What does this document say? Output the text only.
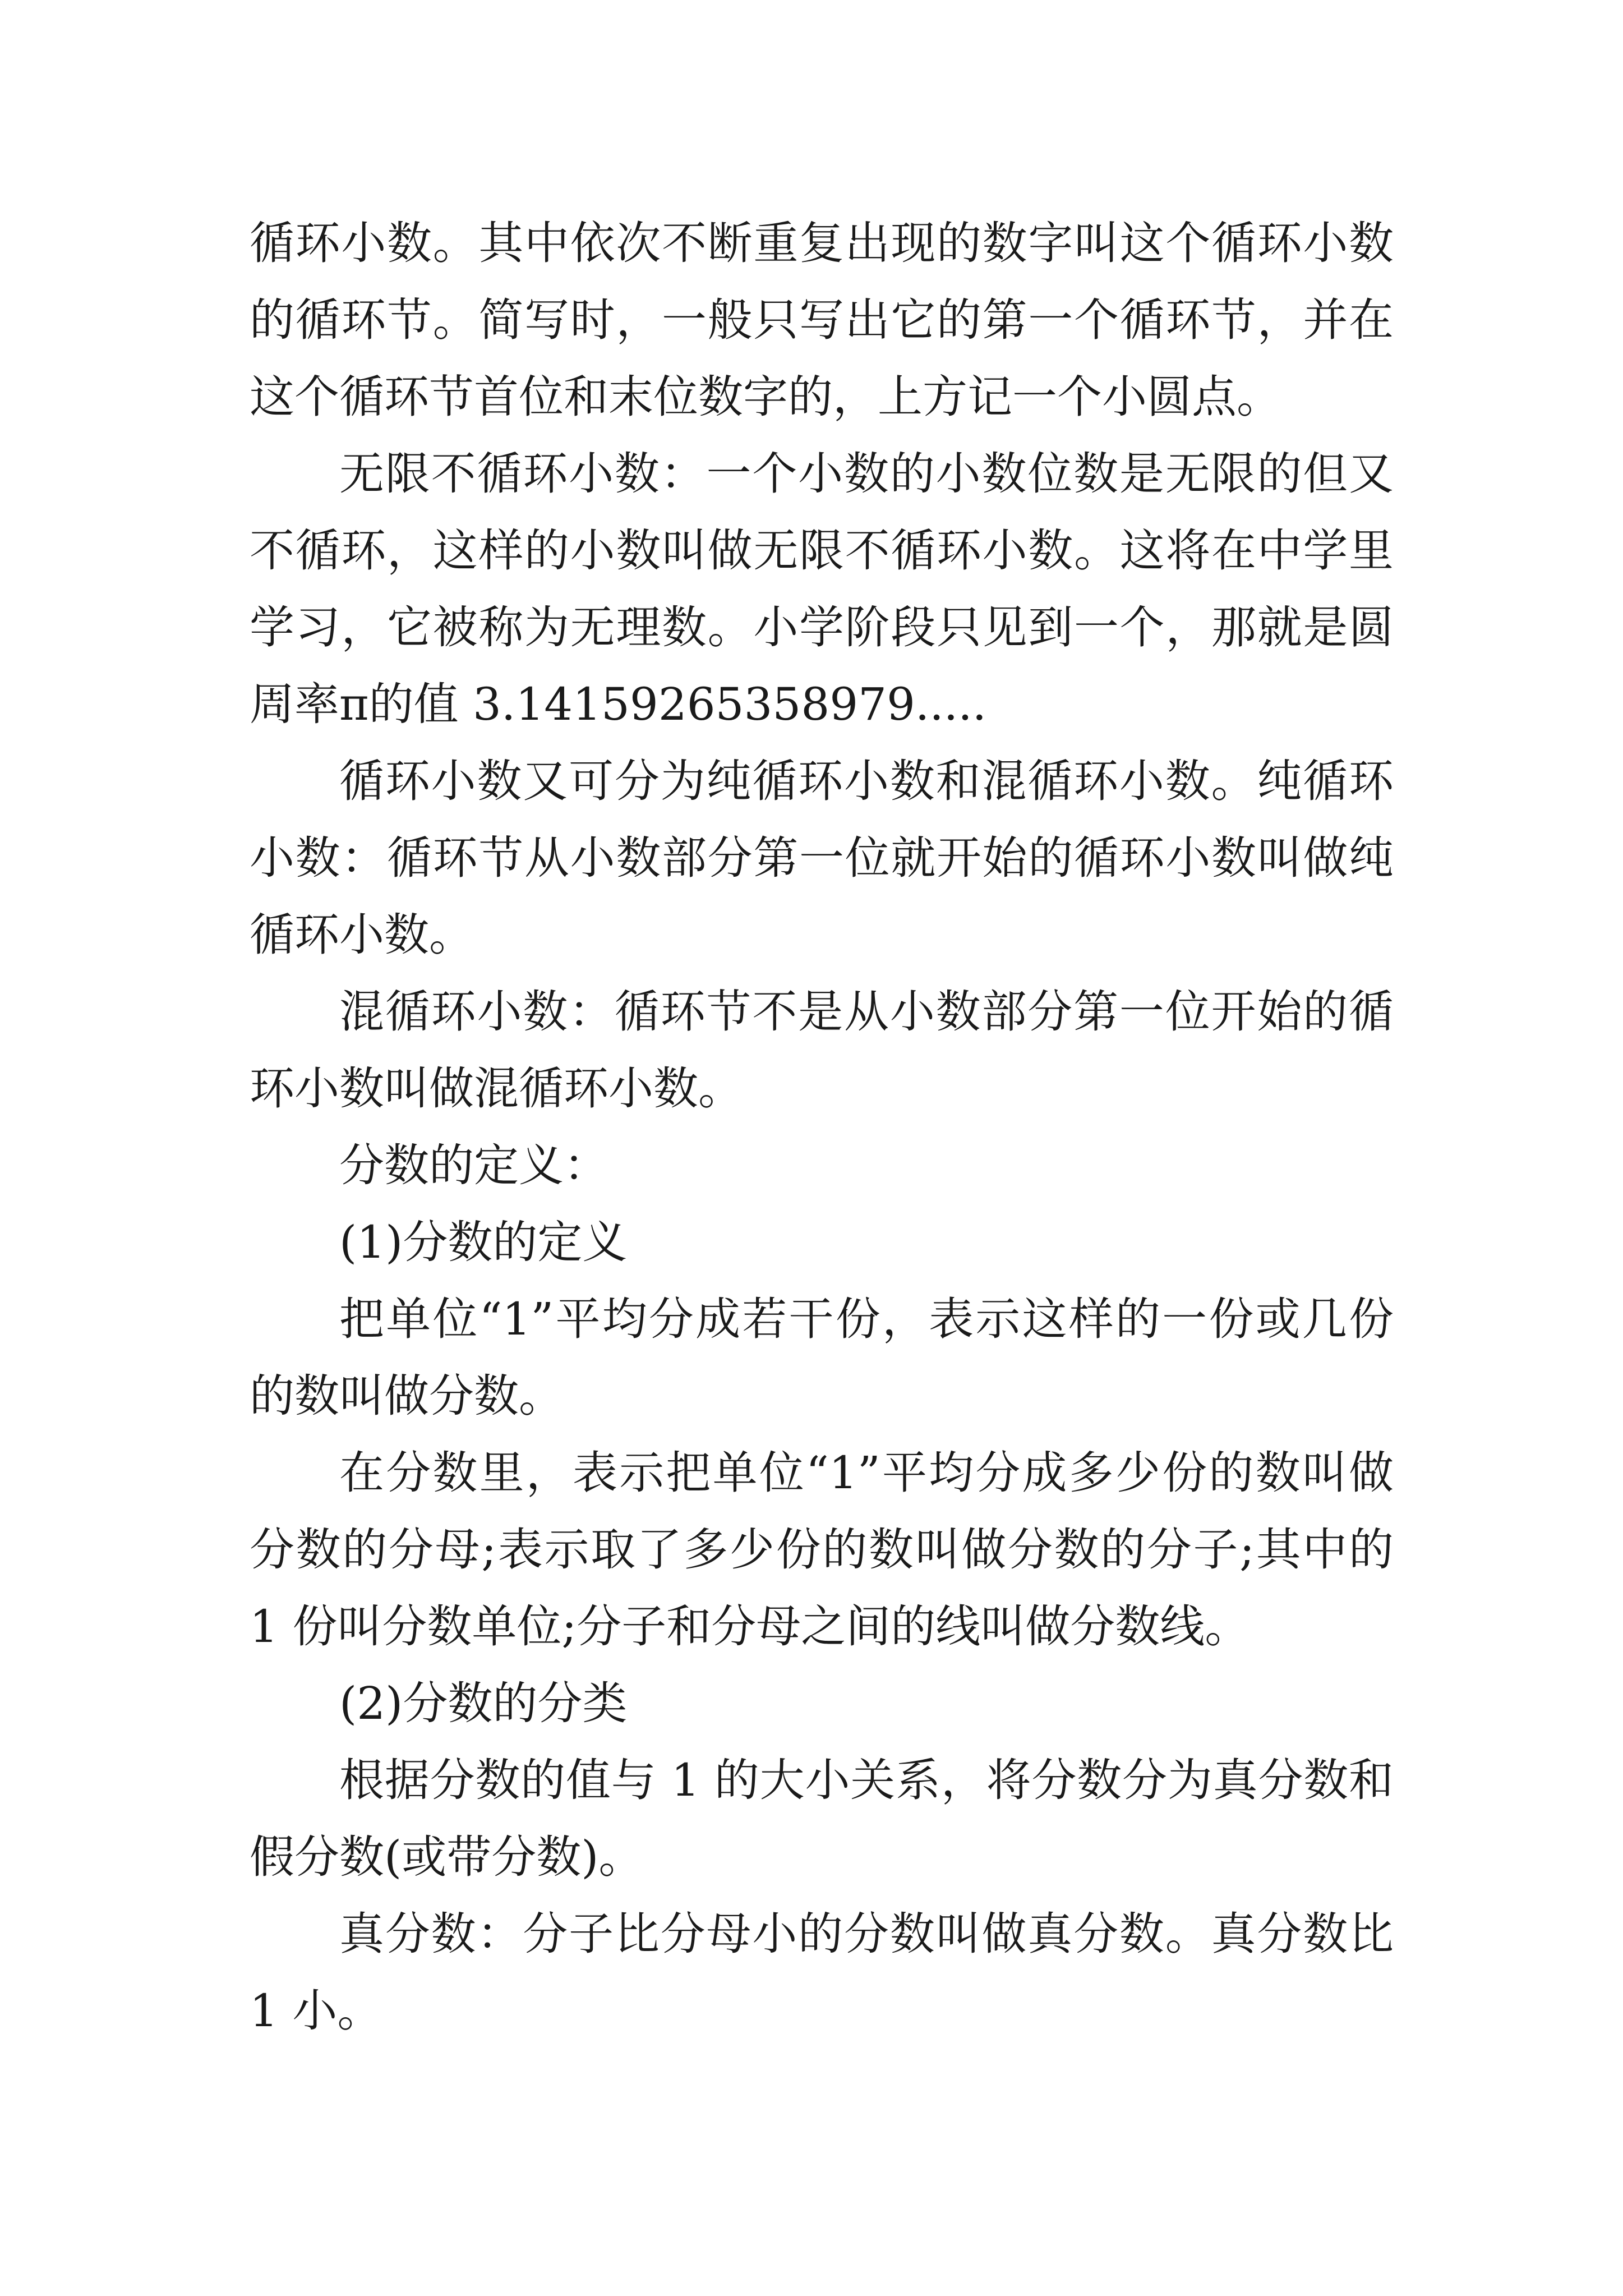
循环小数。其中依次不断重复出现的数字叫这个循环小数的循环节。简写时，一般只写出它的第一个循环节，并在这个循环节首位和末位数字的，上方记一个小圆点。

无限不循环小数：一个小数的小数位数是无限的但又不循环，这样的小数叫做无限不循环小数。这将在中学里学习，它被称为无理数。小学阶段只见到一个，那就是圆周率π的值 3.14159265358979.....

循环小数又可分为纯循环小数和混循环小数。纯循环小数：循环节从小数部分第一位就开始的循环小数叫做纯循环小数。

混循环小数：循环节不是从小数部分第一位开始的循环小数叫做混循环小数。

分数的定义：

(1)分数的定义

把单位“1”平均分成若干份，表示这样的一份或几份的数叫做分数。

在分数里，表示把单位“1”平均分成多少份的数叫做分数的分母;表示取了多少份的数叫做分数的分子;其中的 1 份叫分数单位;分子和分母之间的线叫做分数线。

(2)分数的分类

根据分数的值与 1 的大小关系，将分数分为真分数和假分数(或带分数)。

真分数：分子比分母小的分数叫做真分数。真分数比 1 小。
